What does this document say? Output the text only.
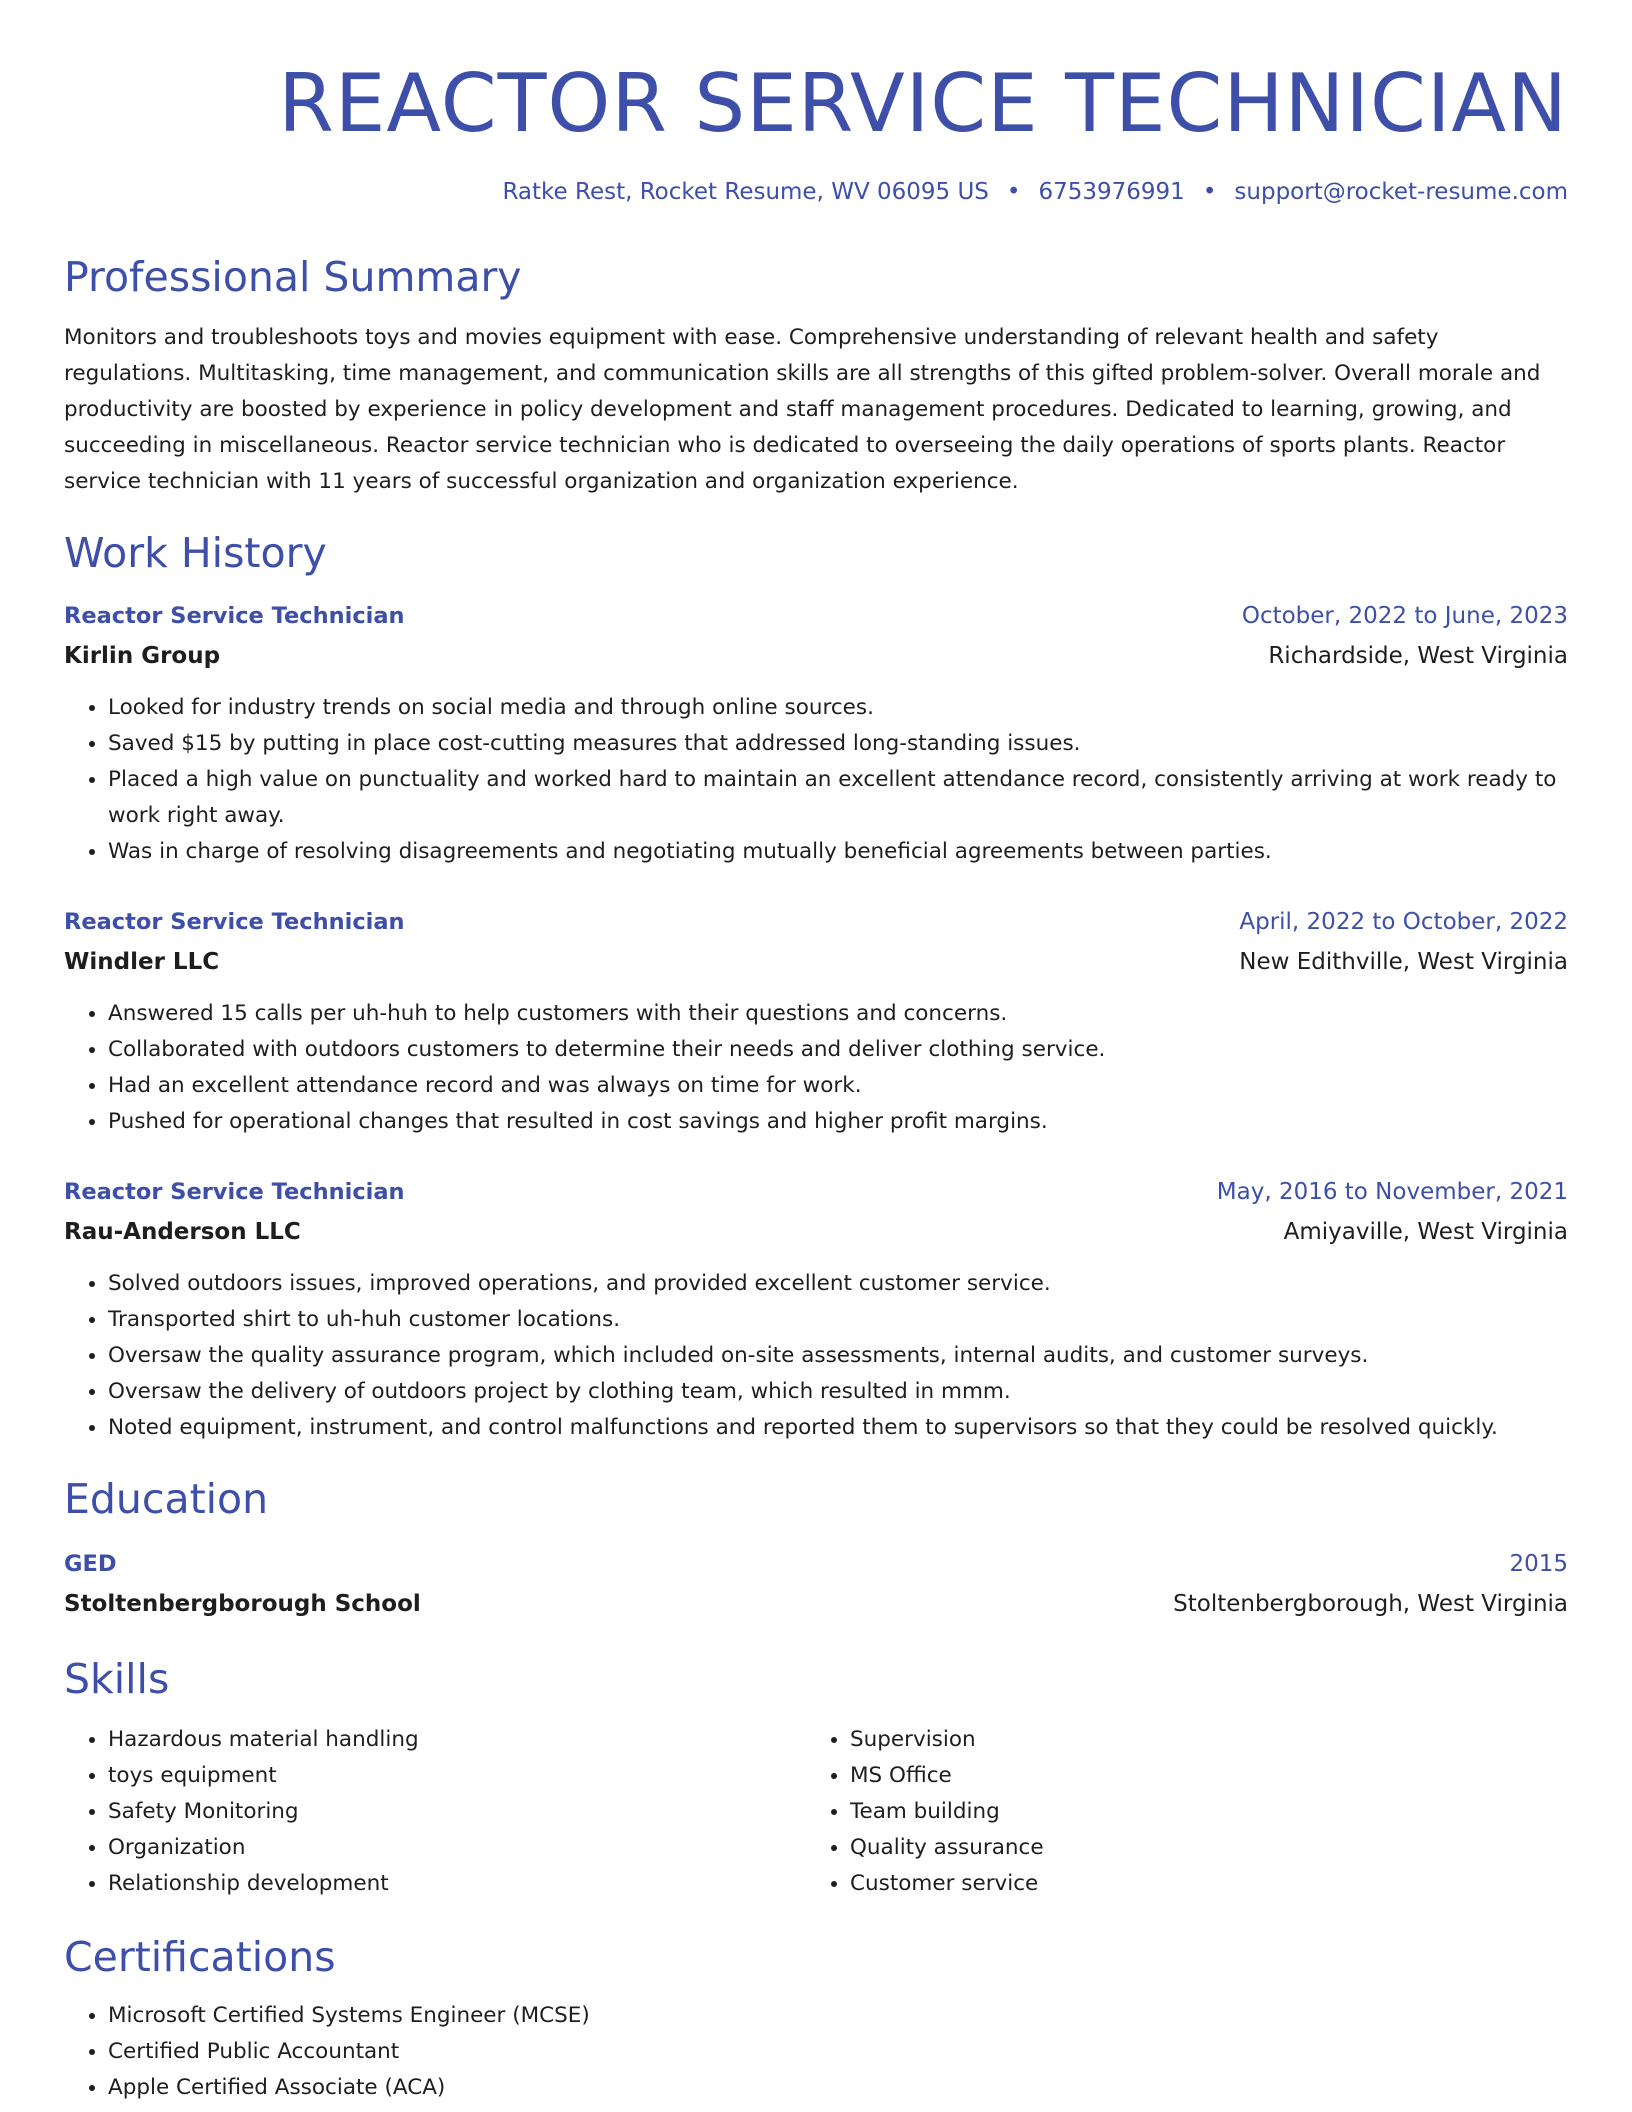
REACTOR SERVICE TECHNICIAN
Ratke Rest, Rocket Resume, WV 06095 US • 6753976991 • support@rocket-resume.com
Professional Summary
Monitors and troubleshoots toys and movies equipment with ease. Comprehensive understanding of relevant health and safety regulations. Multitasking, time management, and communication skills are all strengths of this gifted problem-solver. Overall morale and productivity are boosted by experience in policy development and staff management procedures. Dedicated to learning, growing, and succeeding in miscellaneous. Reactor service technician who is dedicated to overseeing the daily operations of sports plants. Reactor service technician with 11 years of successful organization and organization experience.
Work History
Reactor Service Technician	October, 2022 to June, 2023
Kirlin Group	Richardside, West Virginia
• Looked for industry trends on social media and through online sources.
• Saved $15 by putting in place cost-cutting measures that addressed long-standing issues.
• Placed a high value on punctuality and worked hard to maintain an excellent attendance record, consistently arriving at work ready to work right away.
• Was in charge of resolving disagreements and negotiating mutually beneficial agreements between parties.
Reactor Service Technician	April, 2022 to October, 2022
Windler LLC	New Edithville, West Virginia
• Answered 15 calls per uh-huh to help customers with their questions and concerns.
• Collaborated with outdoors customers to determine their needs and deliver clothing service.
• Had an excellent attendance record and was always on time for work.
• Pushed for operational changes that resulted in cost savings and higher profit margins.
Reactor Service Technician	May, 2016 to November, 2021
Rau-Anderson LLC	Amiyaville, West Virginia
• Solved outdoors issues, improved operations, and provided excellent customer service.
• Transported shirt to uh-huh customer locations.
• Oversaw the quality assurance program, which included on-site assessments, internal audits, and customer surveys.
• Oversaw the delivery of outdoors project by clothing team, which resulted in mmm.
• Noted equipment, instrument, and control malfunctions and reported them to supervisors so that they could be resolved quickly.
Education
GED	2015
Stoltenbergborough School	Stoltenbergborough, West Virginia
Skills
• Hazardous material handling
• toys equipment
• Safety Monitoring
• Organization
• Relationship development
• Supervision
• MS Office
• Team building
• Quality assurance
• Customer service
Certifications
• Microsoft Certified Systems Engineer (MCSE)
• Certified Public Accountant
• Apple Certified Associate (ACA)
